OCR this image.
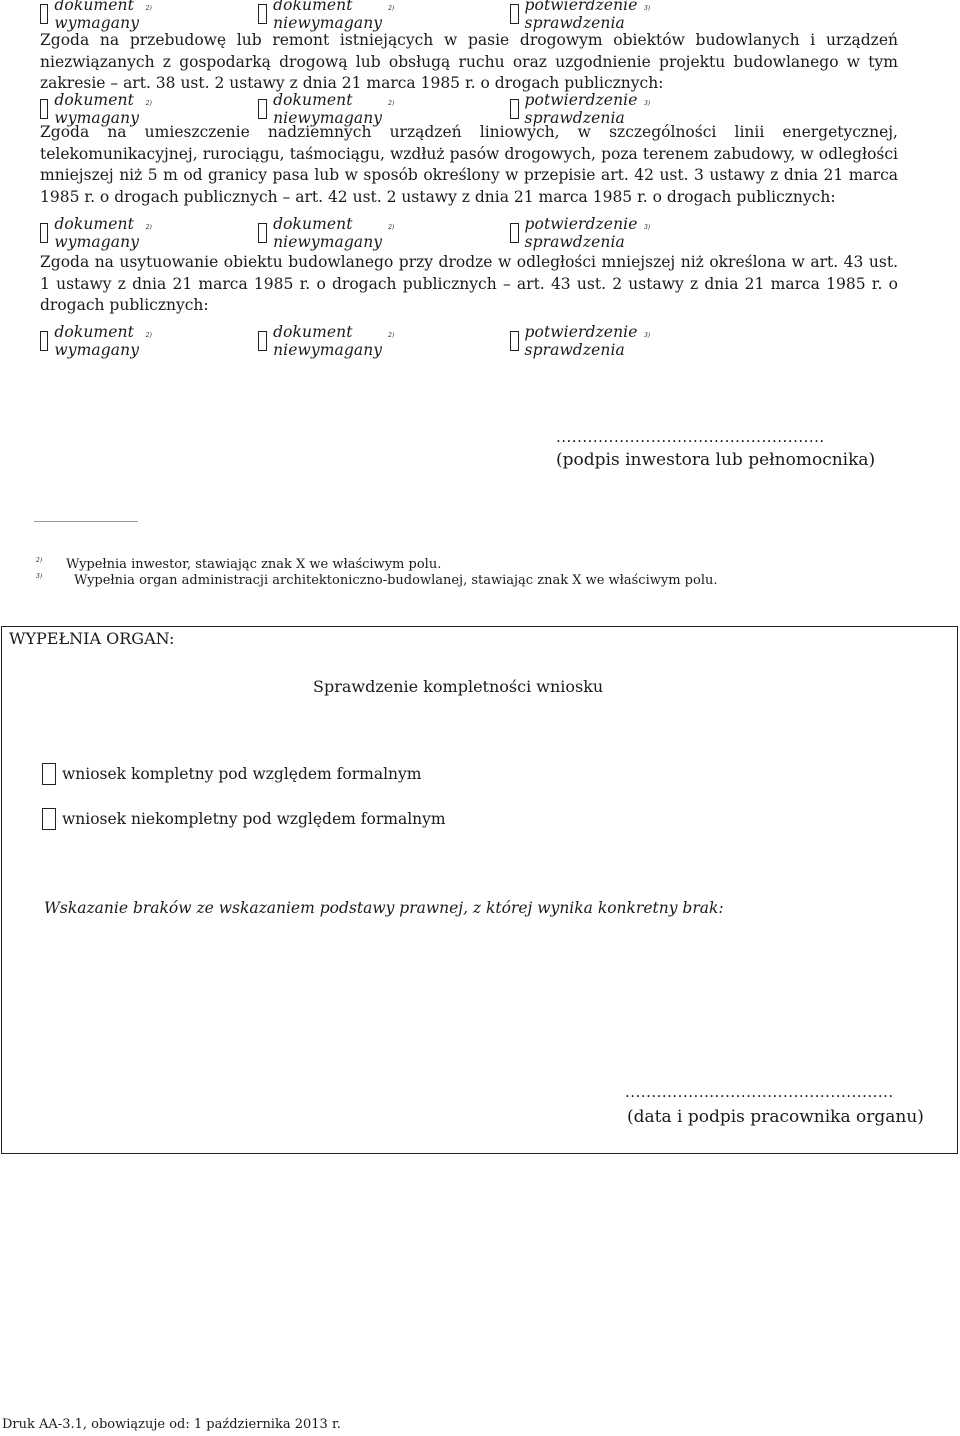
dokument wymagany
2)	dokument niewymagany
2)	potwierdzenie sprawdzenia
3)

Zgoda na przebudowę lub remont istniejących w pasie drogowym obiektów budowlanych i urządzeń niezwiązanych z gospodarką drogową lub obsługą ruchu oraz uzgodnienie projektu budowlanego w tym zakresie – art. 38 ust. 2 ustawy z dnia 21 marca 1985 r. o drogach publicznych:

dokument wymagany
2)	dokument niewymagany
2)	potwierdzenie sprawdzenia
3)

Zgoda na umieszczenie nadziemnych urządzeń liniowych, w szczególności linii energetycznej, telekomunikacyjnej, rurociągu, taśmociągu, wzdłuż pasów drogowych, poza terenem zabudowy, w odległości mniejszej niż 5 m od granicy pasa lub w sposób określony w przepisie art. 42 ust. 3 ustawy z dnia 21 marca 1985 r. o drogach publicznych – art. 42 ust. 2 ustawy z dnia 21 marca 1985 r. o drogach publicznych:

dokument wymagany
2)	dokument niewymagany
2)	potwierdzenie sprawdzenia
3)

Zgoda na usytuowanie obiektu budowlanego przy drodze w odległości mniejszej niż określona w art. 43 ust. 1 ustawy z dnia 21 marca 1985 r. o drogach publicznych – art. 43 ust. 2 ustawy z dnia 21 marca 1985 r. o drogach publicznych:

dokument wymagany
2)	dokument niewymagany
2)	potwierdzenie sprawdzenia
3)
...................................................
(podpis inwestora lub pełnomocnika)
2) Wypełnia inwestor, stawiając znak X we właściwym polu.
3) Wypełnia organ administracji architektoniczno-budowlanej, stawiając znak X we właściwym polu.
WYPEŁNIA ORGAN:
Sprawdzenie kompletności wniosku
wniosek kompletny pod względem formalnym
wniosek niekompletny pod względem formalnym
Wskazanie braków ze wskazaniem podstawy prawnej, z której wynika konkretny brak:
...................................................
(data i podpis pracownika organu)
Druk AA-3.1, obowiązuje od: 1 października 2013 r.
